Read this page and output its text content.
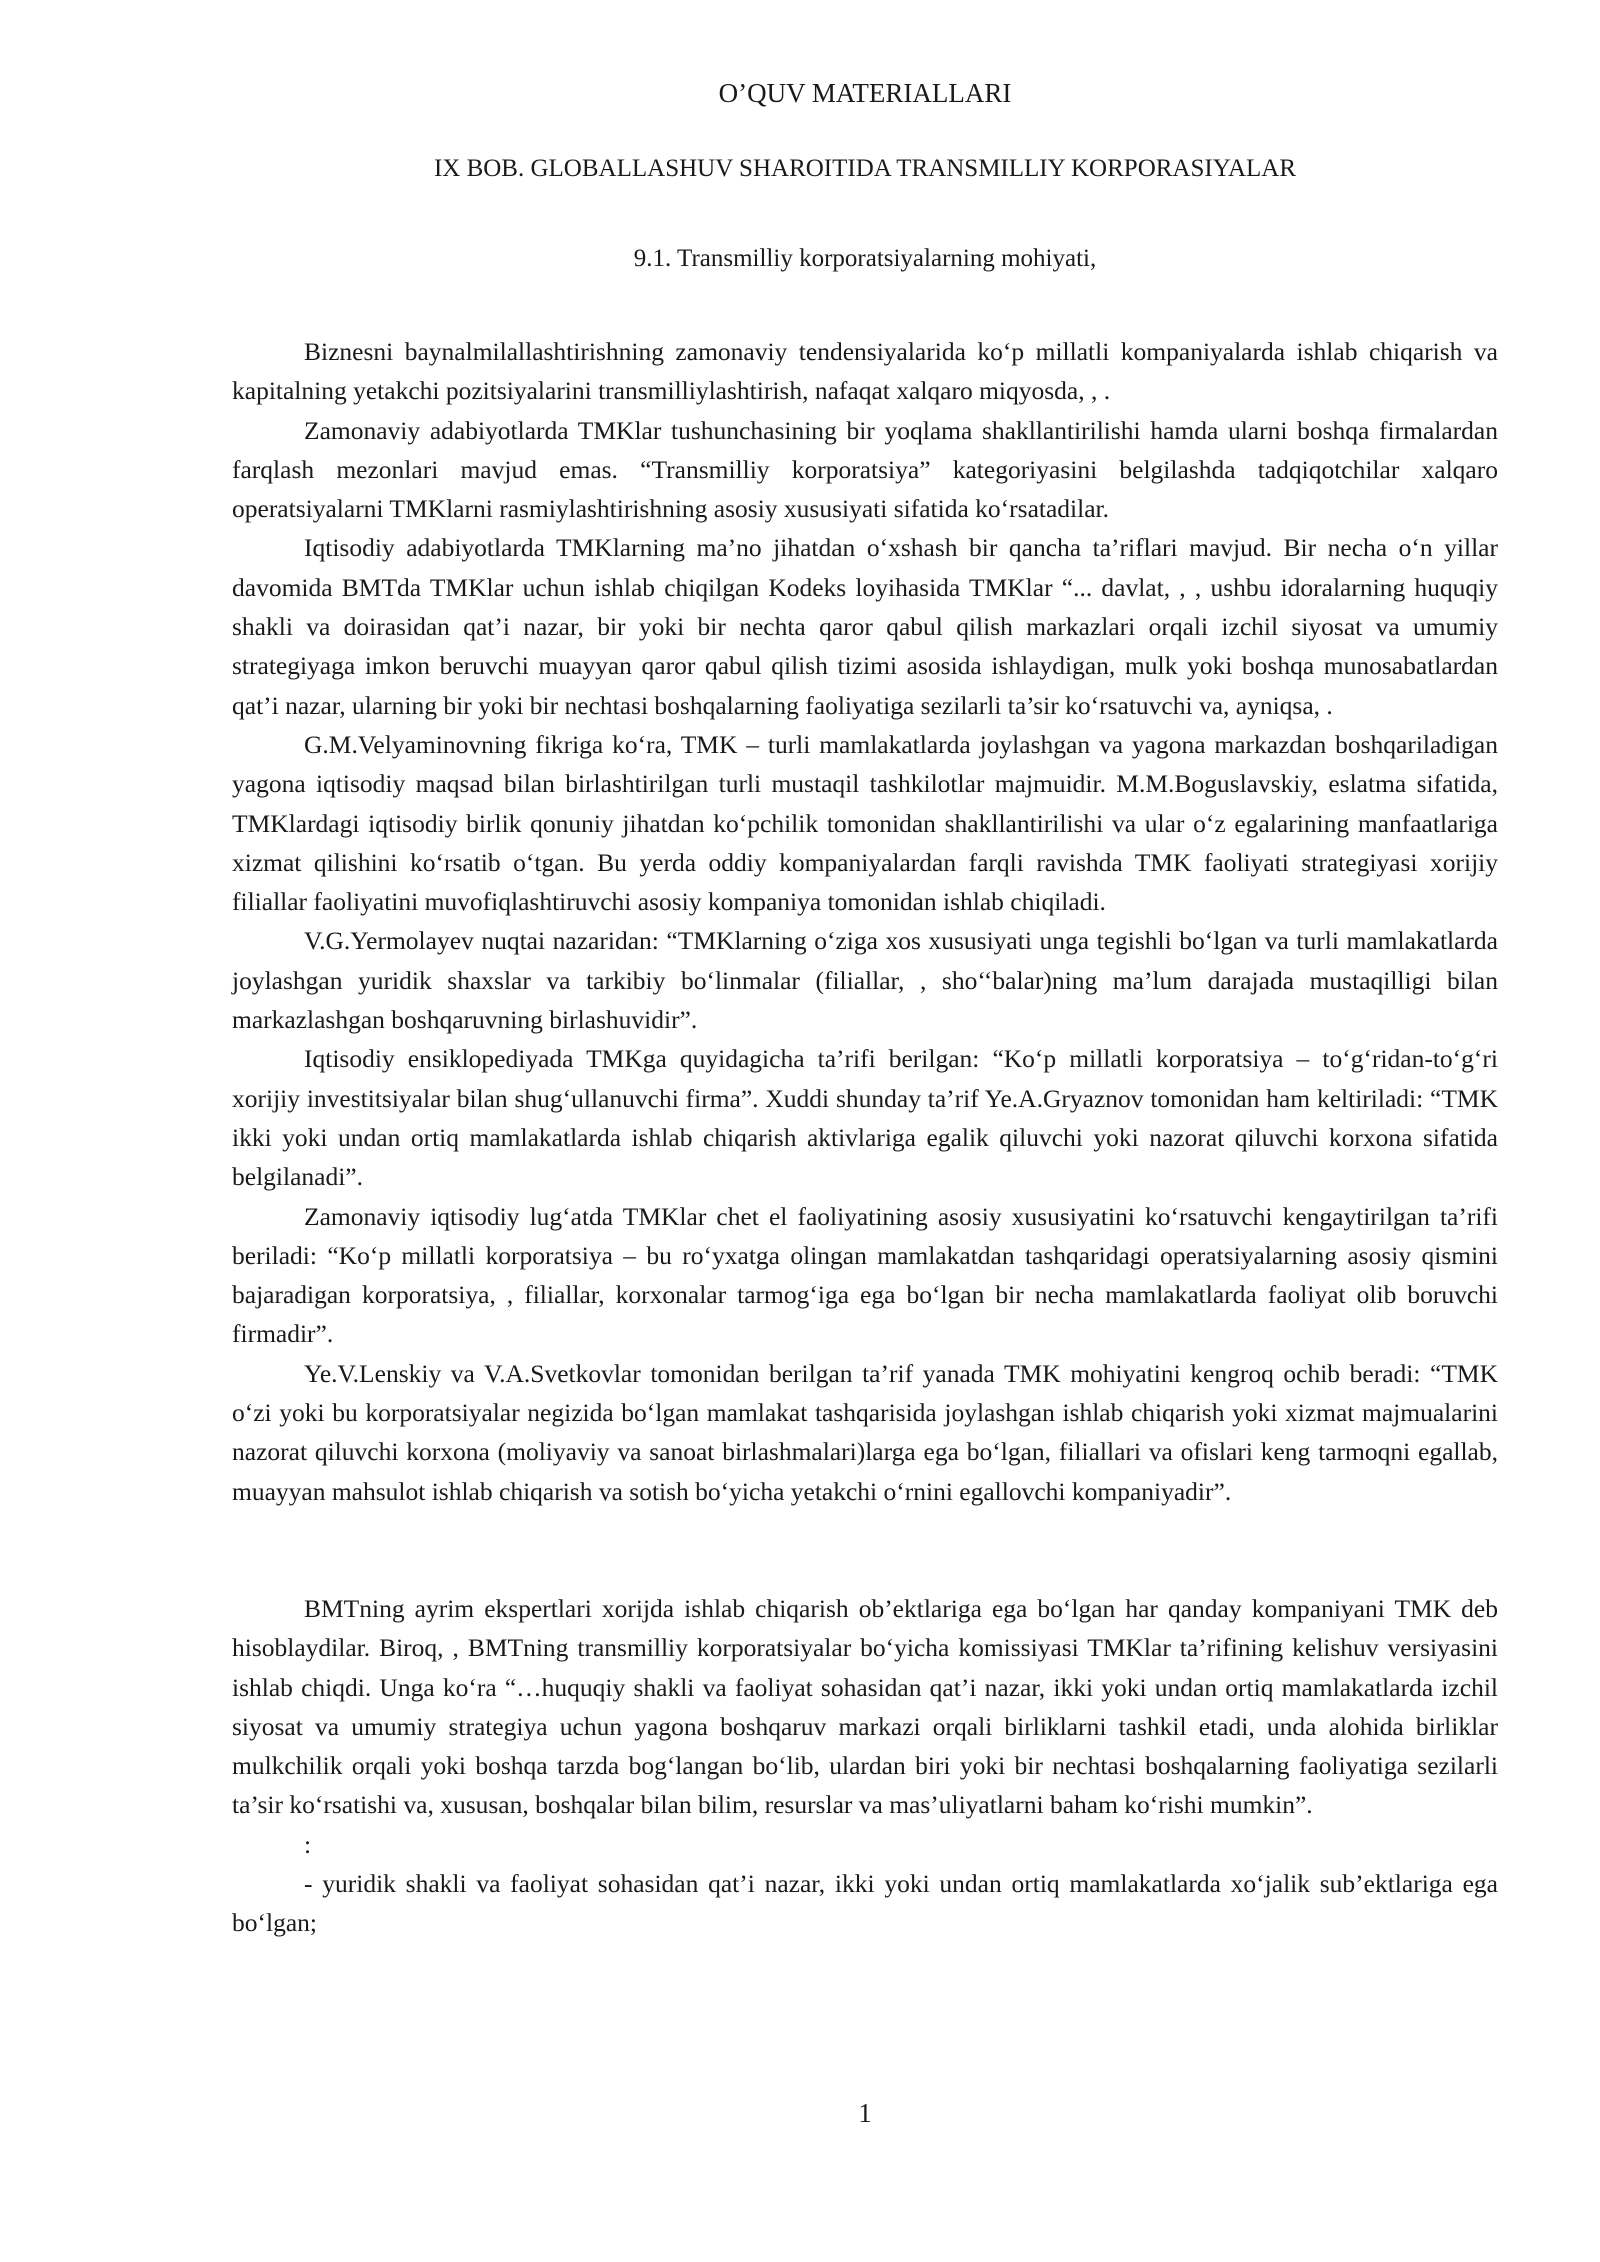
O’QUV MATERIALLARI
IX BOB. GLOBALLASHUV SHAROITIDA TRANSMILLIY KORPORASIYALAR
9.1. Transmilliy korporatsiyalarning mohiyati,

Biznesni baynalmilallashtirishning zamonaviy tendensiyalarida ko‘p millatli kompaniyalarda ishlab chiqarish va kapitalning yetakchi pozitsiyalarini transmilliylashtirish, nafaqat xalqaro miqyosda, , .

Zamonaviy adabiyotlarda TMKlar tushunchasining bir yoqlama shakllantirilishi hamda ularni boshqa firmalardan farqlash mezonlari mavjud emas. “Transmilliy korporatsiya” kategoriyasini belgilashda tadqiqotchilar xalqaro operatsiyalarni TMKlarni rasmiylashtirishning asosiy xususiyati sifatida ko‘rsatadilar.

Iqtisodiy adabiyotlarda TMKlarning ma’no jihatdan o‘xshash bir qancha ta’riflari mavjud. Bir necha o‘n yillar davomida BMTda TMKlar uchun ishlab chiqilgan Kodeks loyihasida TMKlar “... davlat, , , ushbu idoralarning huquqiy shakli va doirasidan qat’i nazar, bir yoki bir nechta qaror qabul qilish markazlari orqali izchil siyosat va umumiy strategiyaga imkon beruvchi muayyan qaror qabul qilish tizimi asosida ishlaydigan, mulk yoki boshqa munosabatlardan qat’i nazar, ularning bir yoki bir nechtasi boshqalarning faoliyatiga sezilarli ta’sir ko‘rsatuvchi va, ayniqsa, .

G.M.Velyaminovning fikriga ko‘ra, TMK – turli mamlakatlarda joylashgan va yagona markazdan boshqariladigan yagona iqtisodiy maqsad bilan birlashtirilgan turli mustaqil tashkilotlar majmuidir. M.M.Boguslavskiy, eslatma sifatida, TMKlardagi iqtisodiy birlik qonuniy jihatdan ko‘pchilik tomonidan shakllantirilishi va ular o‘z egalarining manfaatlariga xizmat qilishini ko‘rsatib o‘tgan. Bu yerda oddiy kompaniyalardan farqli ravishda TMK faoliyati strategiyasi xorijiy filiallar faoliyatini muvofiqlashtiruvchi asosiy kompaniya tomonidan ishlab chiqiladi.

V.G.Yermolayev nuqtai nazaridan: “TMKlarning o‘ziga xos xususiyati unga tegishli bo‘lgan va turli mamlakatlarda joylashgan yuridik shaxslar va tarkibiy bo‘linmalar (filiallar, , sho‘‘balar)ning ma’lum darajada mustaqilligi bilan markazlashgan boshqaruvning birlashuvidir”.

Iqtisodiy ensiklopediyada TMKga quyidagicha ta’rifi berilgan: “Ko‘p millatli korporatsiya – to‘g‘ridan-to‘g‘ri xorijiy investitsiyalar bilan shug‘ullanuvchi firma”. Xuddi shunday ta’rif Ye.A.Gryaznov tomonidan ham keltiriladi: “TMK ikki yoki undan ortiq mamlakatlarda ishlab chiqarish aktivlariga egalik qiluvchi yoki nazorat qiluvchi korxona sifatida belgilanadi”.

Zamonaviy iqtisodiy lug‘atda TMKlar chet el faoliyatining asosiy xususiyatini ko‘rsatuvchi kengaytirilgan ta’rifi beriladi: “Ko‘p millatli korporatsiya – bu ro‘yxatga olingan mamlakatdan tashqaridagi operatsiyalarning asosiy qismini bajaradigan korporatsiya, , filiallar, korxonalar tarmog‘iga ega bo‘lgan bir necha mamlakatlarda faoliyat olib boruvchi firmadir”.

Ye.V.Lenskiy va V.A.Svetkovlar tomonidan berilgan ta’rif yanada TMK mohiyatini kengroq ochib beradi: “TMK o‘zi yoki bu korporatsiyalar negizida bo‘lgan mamlakat tashqarisida joylashgan ishlab chiqarish yoki xizmat majmualarini nazorat qiluvchi korxona (moliyaviy va sanoat birlashmalari)larga ega bo‘lgan, filiallari va ofislari keng tarmoqni egallab, muayyan mahsulot ishlab chiqarish va sotish bo‘yicha yetakchi o‘rnini egallovchi kompaniyadir”.

BMTning ayrim ekspertlari xorijda ishlab chiqarish ob’ektlariga ega bo‘lgan har qanday kompaniyani TMK deb hisoblaydilar. Biroq, , BMTning transmilliy korporatsiyalar bo‘yicha komissiyasi TMKlar ta’rifining kelishuv versiyasini ishlab chiqdi. Unga ko‘ra “…huquqiy shakli va faoliyat sohasidan qat’i nazar, ikki yoki undan ortiq mamlakatlarda izchil siyosat va umumiy strategiya uchun yagona boshqaruv markazi orqali birliklarni tashkil etadi, unda alohida birliklar mulkchilik orqali yoki boshqa tarzda bog‘langan bo‘lib, ulardan biri yoki bir nechtasi boshqalarning faoliyatiga sezilarli ta’sir ko‘rsatishi va, xususan, boshqalar bilan bilim, resurslar va mas’uliyatlarni baham ko‘rishi mumkin”.

:

- yuridik shakli va faoliyat sohasidan qat’i nazar, ikki yoki undan ortiq mamlakatlarda xo‘jalik sub’ektlariga ega bo‘lgan;

1
